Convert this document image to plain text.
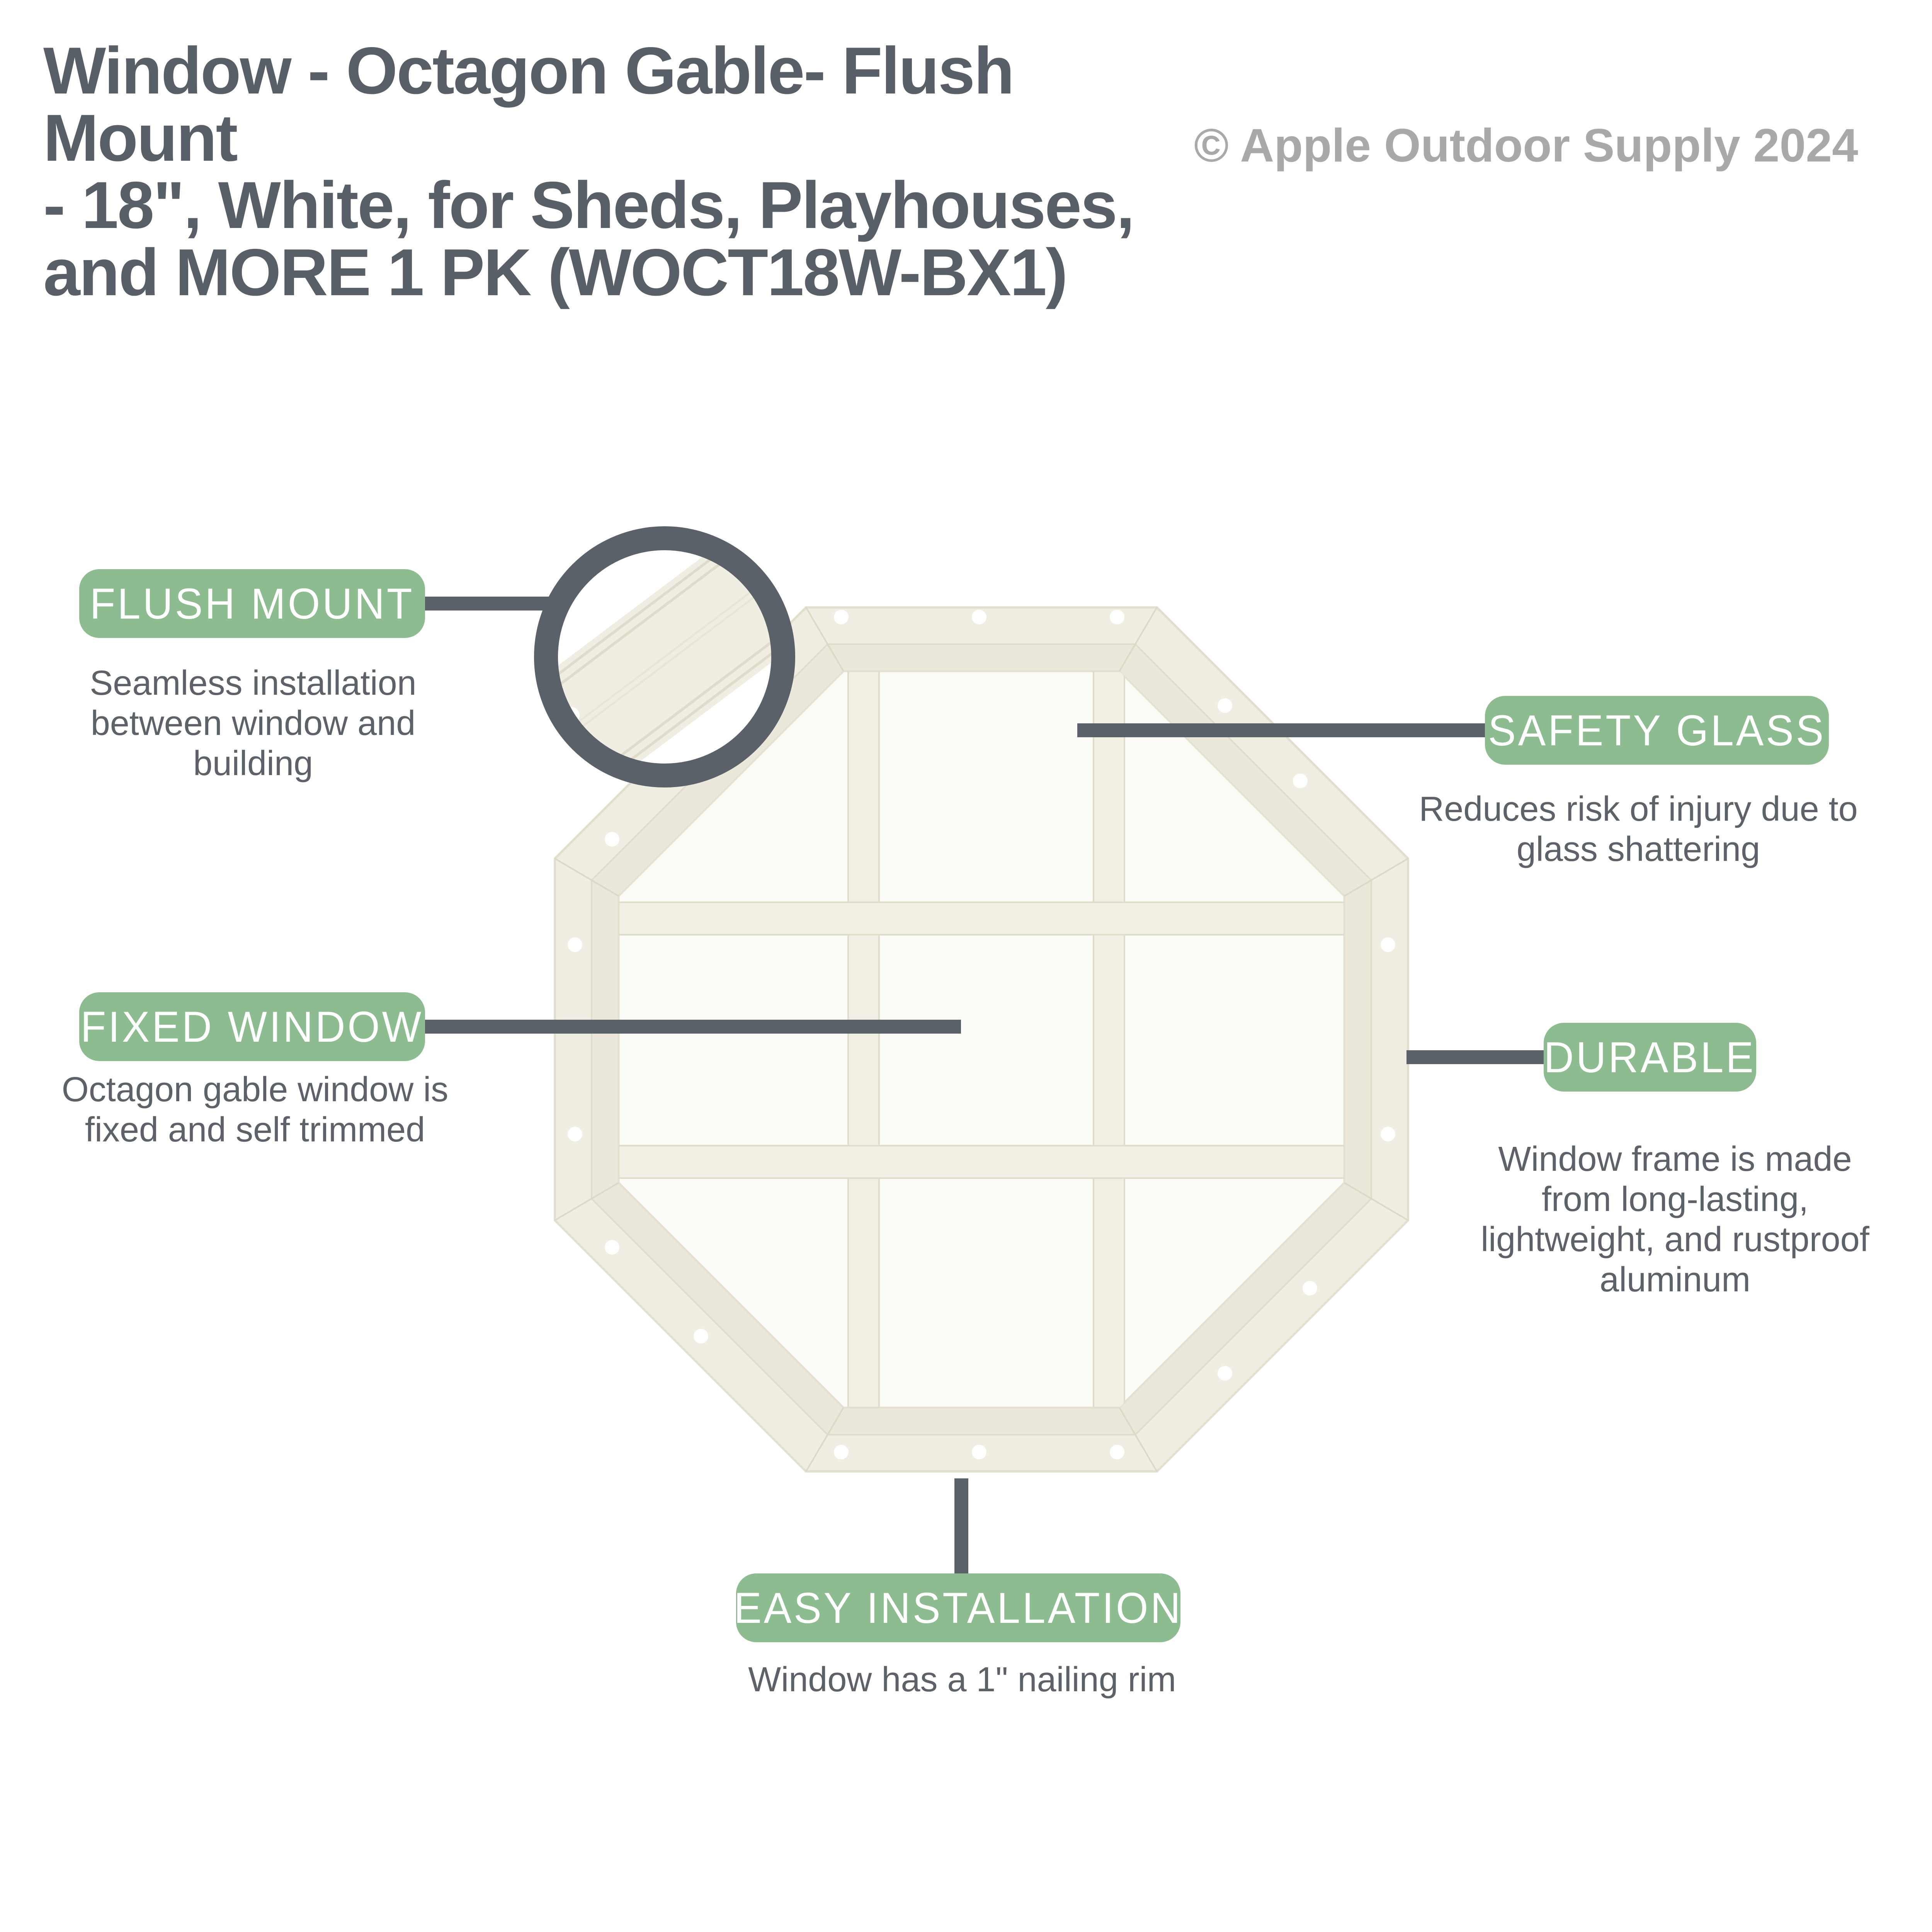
Window - Octagon Gable- Flush Mount
- 18", White, for Sheds, Playhouses,
and MORE 1 PK (WOCT18W-BX1)
© Apple Outdoor Supply 2024
FLUSH MOUNT
SAFETY GLASS
FIXED WINDOW
DURABLE
EASY INSTALLATION
Seamless installation
between window and
building
Reduces risk of injury due to
glass shattering
Octagon gable window is
fixed and self trimmed
Window frame is made
from long-lasting,
lightweight, and rustproof
aluminum
Window has a 1" nailing rim
